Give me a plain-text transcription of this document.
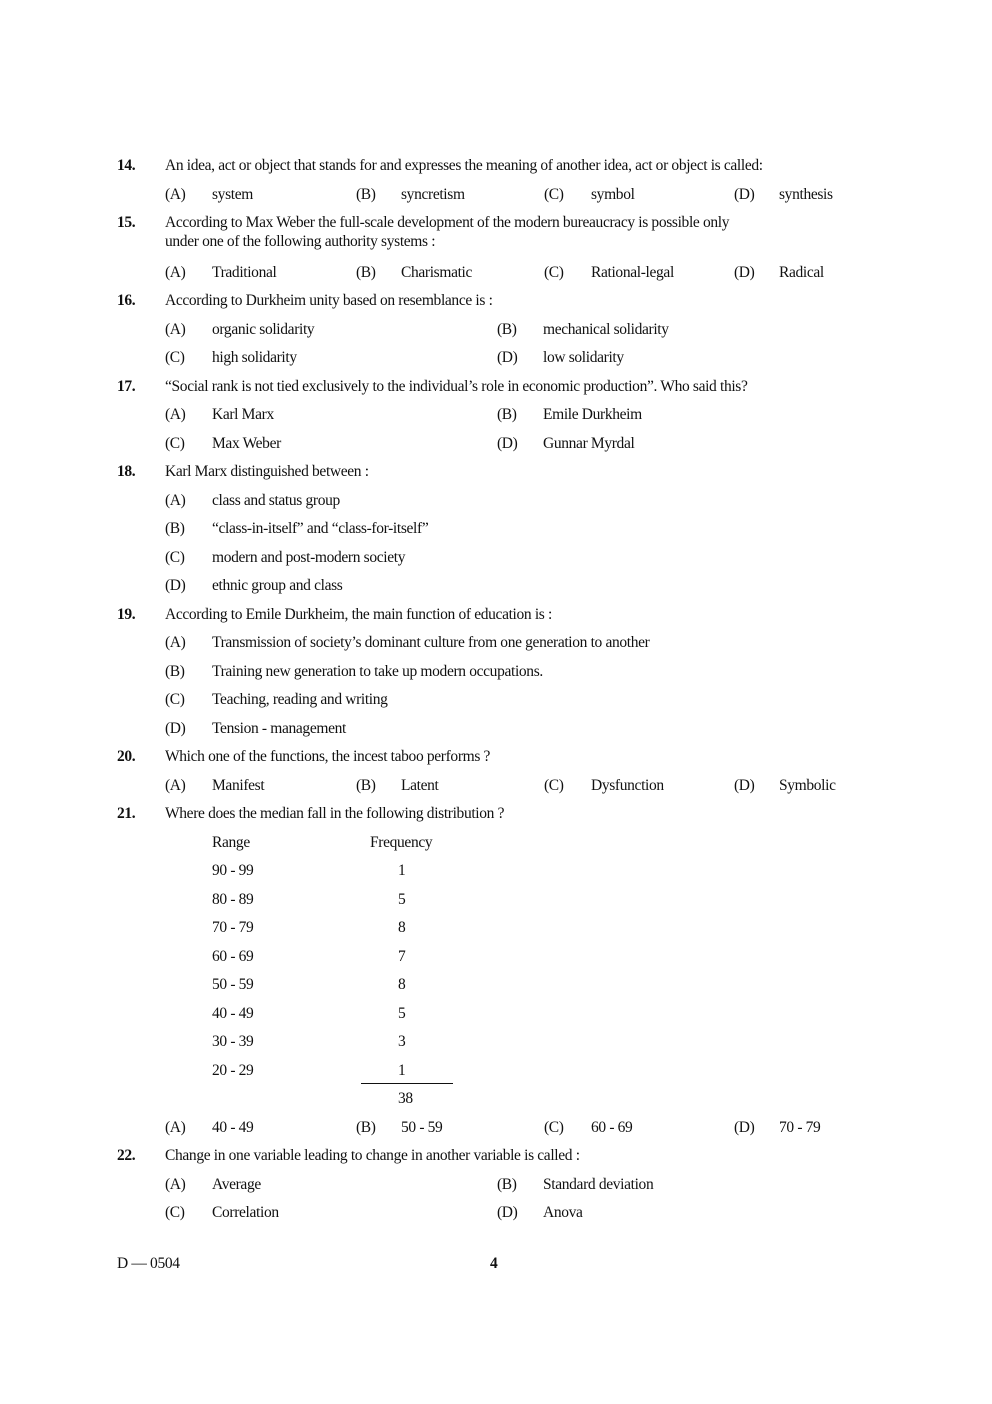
14. An idea, act or object that stands for and expresses the meaning of another idea, act or object is called:
(A) system	(B) syncretism	(C) symbol	(D) synthesis
15. According to Max Weber the full-scale development of the modern bureaucracy is possible only
under one of the following authority systems :
(A) Traditional	(B) Charismatic	(C) Rational-legal	(D) Radical
16. According to Durkheim unity based on resemblance is :
(A) organic solidarity	(B) mechanical solidarity
(C) high solidarity	(D) low solidarity
17. “Social rank is not tied exclusively to the individual’s role in economic production”. Who said this?
(A) Karl Marx	(B) Emile Durkheim
(C) Max Weber	(D) Gunnar Myrdal
18. Karl Marx distinguished between :
(A) class and status group
(B) “class-in-itself” and “class-for-itself”
(C) modern and post-modern society
(D) ethnic group and class
19. According to Emile Durkheim, the main function of education is :
(A) Transmission of society’s dominant culture from one generation to another
(B) Training new generation to take up modern occupations.
(C) Teaching, reading and writing
(D) Tension - management
20. Which one of the functions, the incest taboo performs ?
(A) Manifest	(B) Latent	(C) Dysfunction	(D) Symbolic
21. Where does the median fall in the following distribution ?
Range	Frequency
90 - 99	1
80 - 89	5
70 - 79	8
60 - 69	7
50 - 59	8
40 - 49	5
30 - 39	3
20 - 29	1
38
(A) 40 - 49	(B) 50 - 59	(C) 60 - 69	(D) 70 - 79
22. Change in one variable leading to change in another variable is called :
(A) Average	(B) Standard deviation
(C) Correlation	(D) Anova
D — 0504	4
